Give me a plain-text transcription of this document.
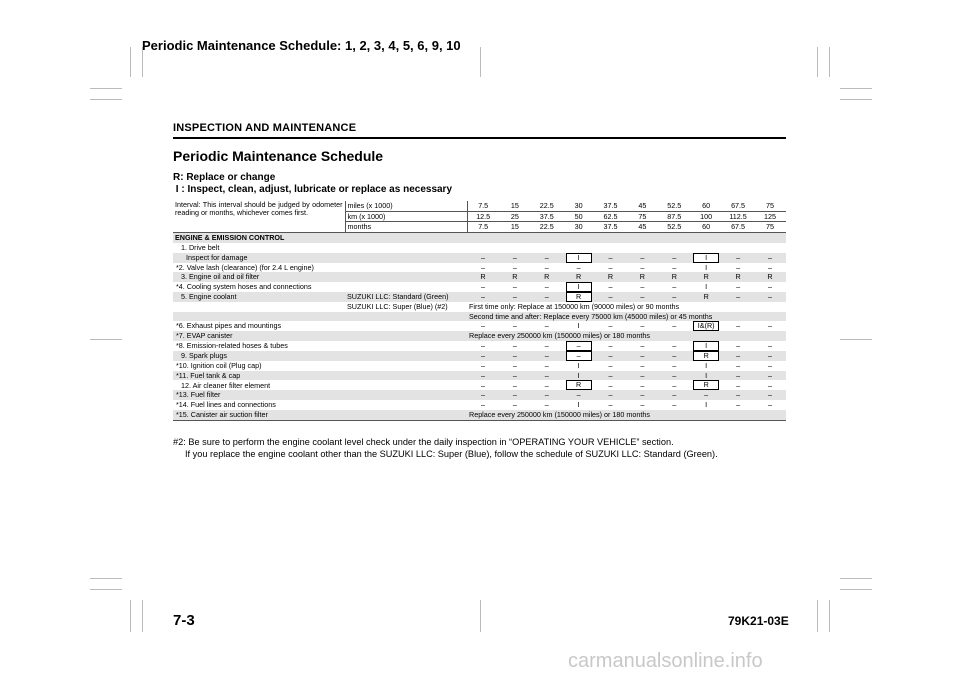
Periodic Maintenance Schedule: 1, 2, 3, 4, 5, 6, 9, 10
INSPECTION AND MAINTENANCE
Periodic Maintenance Schedule
R: Replace or change
I : Inspect, clean, adjust, lubricate or replace as necessary
Interval: This interval should be judged by odometer reading or months, whichever comes first.	miles (x 1000)	7.5	15	22.5	30	37.5	45	52.5	60	67.5	75
	km (x 1000)	12.5	25	37.5	50	62.5	75	87.5	100	112.5	125
	months	7.5	15	22.5	30	37.5	45	52.5	60	67.5	75
ENGINE & EMISSION CONTROL											
1. Drive belt											
Inspect for damage		–	–	–	I	–	–	–	I	–	–
*2. Valve lash (clearance) (for 2.4 L engine)		–	–	–	–	–	–	–	I	–	–
3. Engine oil and oil filter		R	R	R	R	R	R	R	R	R	R
*4. Cooling system hoses and connections		–	–	–	I	–	–	–	I	–	–
5. Engine coolant	SUZUKI LLC: Standard (Green)	–	–	–	R	–	–	–	R	–	–
	SUZUKI LLC: Super (Blue) (#2)	First time only: Replace at 150000 km (90000 miles) or 90 months									
		Second time and after: Replace every 75000 km (45000 miles) or 45 months									
*6. Exhaust pipes and mountings		–	–	–	I	–	–	–	I&(R)	–	–
*7. EVAP canister		Replace every 250000 km (150000 miles) or 180 months									
*8. Emission-related hoses & tubes		–	–	–	–	–	–	–	I	–	–
9. Spark plugs		–	–	–	–	–	–	–	R	–	–
*10. Ignition coil (Plug cap)		–	–	–	I	–	–	–	I	–	–
*11. Fuel tank & cap		–	–	–	I	–	–	–	I	–	–
12. Air cleaner filter element		–	–	–	R	–	–	–	R	–	–
*13. Fuel filter		–	–	–	–	–	–	–	–	–	–
*14. Fuel lines and connections		–	–	–	I	–	–	–	I	–	–
*15. Canister air suction filter		Replace every 250000 km (150000 miles) or 180 months									

#2: Be sure to perform the engine coolant level check under the daily inspection in “OPERATING YOUR VEHICLE” section.

If you replace the engine coolant other than the SUZUKI LLC: Super (Blue), follow the schedule of SUZUKI LLC: Standard (Green).

7-3	79K21-03E
carmanualsonline.info
